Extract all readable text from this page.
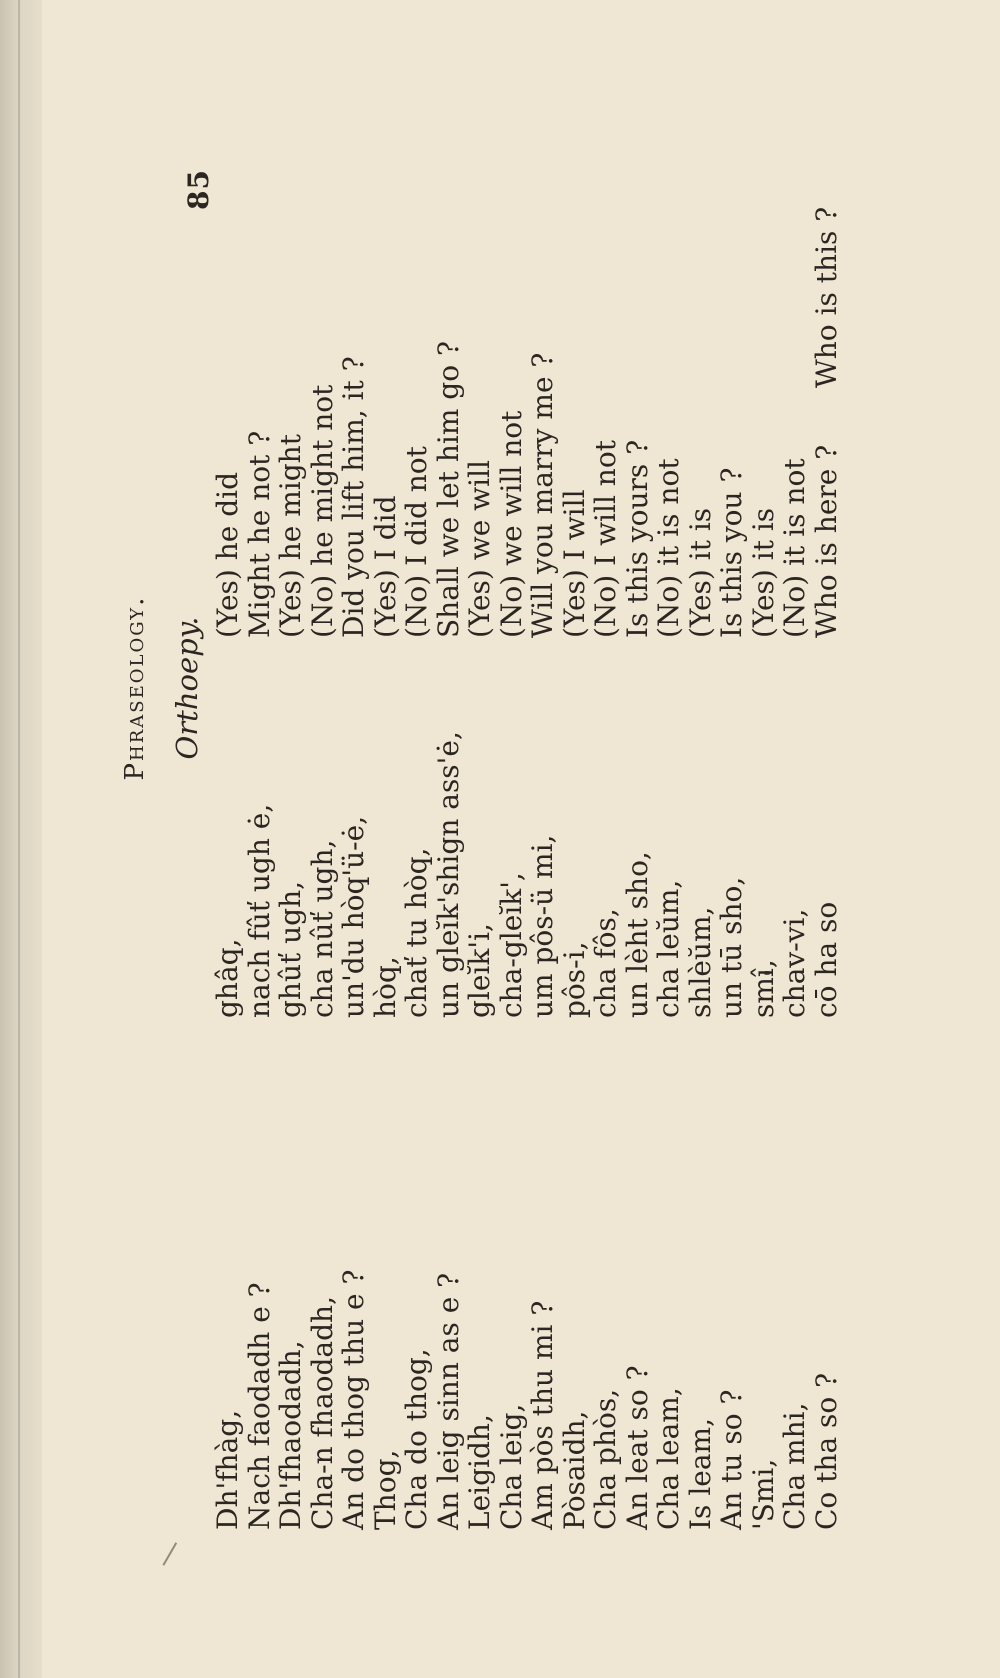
85
Phraseology. Orthoepy.
Dh'fhàg,
Nach faodadh e ?
Dh'fhaodadh,
Cha-n fhaodadh,
An do thog thu e ?
Thog,
Cha do thog,
An leig sinn as e ?
Leigidh,
Cha leig,
Am pòs thu mi ?
Pòsaidh,
Cha phòs,
An leat so ?
Cha leam,
Is leam,
An tu so ?
'Smi,
Cha mhi,
Co tha so ?
ghâq,
nach fûť ugh ė,
ghûť ugh,
cha nûť ugh,
un'du hòq'ü-ė,
hòq,
chať tu hòq,
un gleĭk'shign ass'ė,
gleĭk'i,
cha-gleĭk',
um pôs-ü mi,
pôs-i,
cha fôs,
un lèht sho,
cha leŭm,
shlèŭm,
un tū sho,
smî,
chav-vi,
cō ha so
(Yes) he did
Might he not ?
(Yes) he might
(No) he might not
Did you lift him, it ?
(Yes) I did
(No) I did not
Shall we let him go ?
(Yes) we will
(No) we will not
Will you marry me ?
(Yes) I will
(No) I will not
Is this yours ?
(No) it is not
(Yes) it is
Is this you ?
(Yes) it is
(No) it is not
Who is here ?
Who is this ?
